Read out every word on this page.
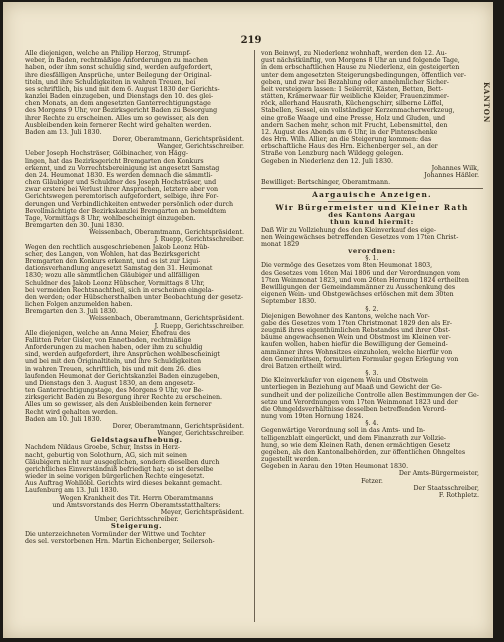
219
Alle diejenigen, welche an Philipp Herzog, Strumpf-
weber, in Baden, rechtmäßige Anforderungen zu machen
haben, oder ihm sonst schuldig sind, werden aufgefordert,
ihre diesfälligen Ansprüche, unter Beilegung der Original-
titeln, und ihre Schuldigkeiten in wahren Treuen, bei
ses schriftlich, bis und mit dem 6. August 1830 der Gerichts-
kanzlei Baden einzugeben, und Dienstags den 10. des glei-
chen Monats, an dem angesetzten Ganterrechtigungstage
des Morgens 9 Uhr, vor Bezirksgericht Baden zu Besorgung
ihrer Rechte zu erscheinen. Alles um so gewisser, als den
Ausbleibenden kein fernerer Recht wird gehalten werden.
Baden am 13. Juli 1830.
Dorer, Oberamtmann, Gerichtspräsident.
Wanger, Gerichtsschreiber.
Ueber Joseph Hochsträser, Gölbinacher, von Hägg-
lingen, hat das Bezirksgericht Bremgarten den Konkurs
erkennt, und zu Vorrechtsbereinigung ist angesetzt Samstag
den 24. Heumonat 1830. Es werden demnach die sämmtli-
chen Gläubiger und Schuldner des Joseph Hochsträser, und
zwar erstere bei Verlust ihrer Ansprachen, letztere aber von
Gerichtswegen peremtorisch aufgefordert, selbige, ihre For-
derungen und Verbindlichkeiten entweder persönlich oder durch
Bevollmächtigte der Bezirkskanzlei Bremgarten an bemeldtem
Tage, Vormittags 8 Uhr, wohlbescheinigt einzugeben.
Bremgarten den 30. Juni 1830.
Weissenbach, Oberamtmann, Gerichtspräsident.
J. Ruepp, Gerichtsschreiber.
Wegen den rechtlich ausgeschriebenen Jakob Leonz Hüb-
scher, des Langen, von Wohlen, hat das Bezirksgericht
Bremgarten den Konkurs erkennt, und es ist zur Liqui-
dationsverhandlung angesetzt Samstag den 31. Heumonat
1830; wozu alle sämmtlichen Gläubiger und allfälligen
Schuldner des Jakob Leonz Hübscher, Vormittags 8 Uhr,
bei vermeiden Rechtsnachtheil, sich in erscheinen eingela-
den werden; oder Hübschersthalben unter Beobachtung der gesetz-
lichen Folgen anzumelden haben.
Bremgarten den 3. Juli 1830.
Weissenbach, Oberamtmann, Gerichtspräsident.
J. Ruepp, Gerichtsschreiber.
Alle diejenigen, welche an Anna Meier, Ehefrau des
Fallitten Peter Gisler, von Ennetbaden, rechtmäßige
Anforderungen zu machen haben, oder ihm zu schuldig
sind, werden aufgefordert, ihre Ansprüchen wohlbescheinigt
und bei mit den Originaltiteln, und ihre Schuldigkeiten
in wahren Treuen, schriftlich, bis und mit dem 26. dies
laufenden Heumonat der Gerichtskanzlei Baden einzugeben,
und Dienstags den 3. August 1830, an dem angesetz-
ten Ganterrechtigungstage, des Morgens 9 Uhr, vor Be-
zirksgericht Baden zu Besorgung ihrer Rechte zu erscheinen.
Alles um so gewisser, als den Ausbleibenden kein fernerer
Recht wird gehalten werden.
Baden am 10. Juli 1830.
Dorer, Oberamtmann, Gerichtspräsident.
Wanger, Gerichtsschreiber.
Geldstagsaufhebung.
Nachdem Niklaus Groebe, Schur, Instss in Herz-
nacht, geburtig von Solothurn, AG, sich mit seinen
Gläubigern nicht nur ausgeglichen, sondern dieselben durch
gerichtliches Einverständniß befriedigt hat; so ist derselbe
wieder in seine vorigen bürgerlichen Rechte eingesetzt.
Aus Auftrag Wohllöbl. Gerichts wird dieses bekannt gemacht.
Laufenburg am 13. Juli 1830.
Wegen Krankheit des Tit. Herrn Oberamtmanns
und Amtsvorstands des Herrn Oberamtsstatthalters:
Meyer, Gerichtspräsident.
Umber, Gerichtsschreiber.
Steigerung.
Die unterzeichneten Vormünder der Wittwe und Tochter
des sel. verstorbenen Hrn. Martin Eichenberger, Seilersoh-
von Beinwyl, zu Niederlenz wohnhaft, werden den 12. Au-
gust nächstkünftig, von Morgens 8 Uhr an und folgende Tage,
in dem erbschaftlichen Hause zu Niederlenz, ein gesteigerten
unter dem angesetzten Steigerungsbedingungen, öffentlich ver-
geben, und zwar bei Bezahlung oder annehmlicher Sicher-
heit versteigern lassen: 1 Seilerrät, Kästen, Betten, Bett-
stätten, Krämerwaar für weibliche Kleider, Frauenzimmer-
röck, allerhand Hausrath, Küchengschirr, silberne Löffel,
Stabellen, Sessel, ein vollständiger Kerzenmacherwerkzeug,
eine große Waage und eine Presse, Holz und Gluden, und
andern Sachen mehr, schon mit Frucht, Lebensmittel, den
12. August des Abends um 6 Uhr, in der Pintenschenke
des Hrn. Wilh. Allier, an die Steigerung kommen: das
erbschaftliche Haus des Hrn. Eichenberger sel., an der
Straße von Lenzburg nach Wildegg gelegen.
Gegeben in Niederlenz den 12. Juli 1830.
Johannes Wilk,
Johannes Häßler.
Bewilliget: Bertschinger, Oberamtmann.
Aargauische Anzeigen.
Wir Bürgermeister und Kleiner Rath
des Kantons Aargau
thun kund hiermit:
Daß Wir zu Vollziehung des den Kleinverkauf des eige-
nen Weingewächses betreffenden Gesetzes vom 17ten Christ-
monat 1829
verordnen:
§. 1.
Die vermöge des Gesetzes vom 8ten Heumonat 1803,
des Gesetzes vom 16ten Mai 1806 und der Verordnungen vom
17ten Weinmonat 1823, und vom 26ten Hornung 1824 ertheilten
Bewilligungen der Gemeindammänner zu Ausschenkung des
eigenen Wein- und Obstgewächses erlöschen mit dem 30ten
September 1830.
§. 2.
Diejenigen Bewohner des Kantons, welche nach Vor-
gabe des Gesetzes vom 17ten Christmonat 1829 den als Er-
zeugniß ihres eigenthümlichen Rebstandes und ihrer Obst-
bäume angewachsenen Wein und Obstmost im Kleinen ver-
kaufen wollen, haben hiefür die Bewilligung der Gemeind-
ammänner ihres Wohnsitzes einzuholen, welche hierfür von
den Gemeinrätsen, formulirten Formular gegen Erlegung von
drei Batzen ertheilt wird.
§. 3.
Die Kleinverkäufer von eigenem Wein und Obstwein
unterliegen in Beziehung auf Maaß und Gewicht der Ge-
sundheit und der polizeiliche Controlle allen Bestimmungen der Ge-
setze und Verordnungen vom 17ten Weinmonat 1823 und der
die Ohmgeldsverhältnisse desselben betreffenden Verord-
nung vom 19ten Hornung 1824.
§. 4.
Gegenwärtige Verordnung soll in das Amts- und In-
telligenzblatt eingerückt, und dem Finanzrath zur Vollzie-
hung, so wie dem Kleinen Rath, denen ermächtigen Gesetz
gegeben, als den Kantonalbehörden, zur öffentlichen Ohngeltes
zugestellt werden.
Gegeben in Aarau den 19ten Heumonat 1830.
Der Amts-Bürgermeister,
Fetzer.
Der Staatsschreiber,
F. Rothpletz.
KANTON
